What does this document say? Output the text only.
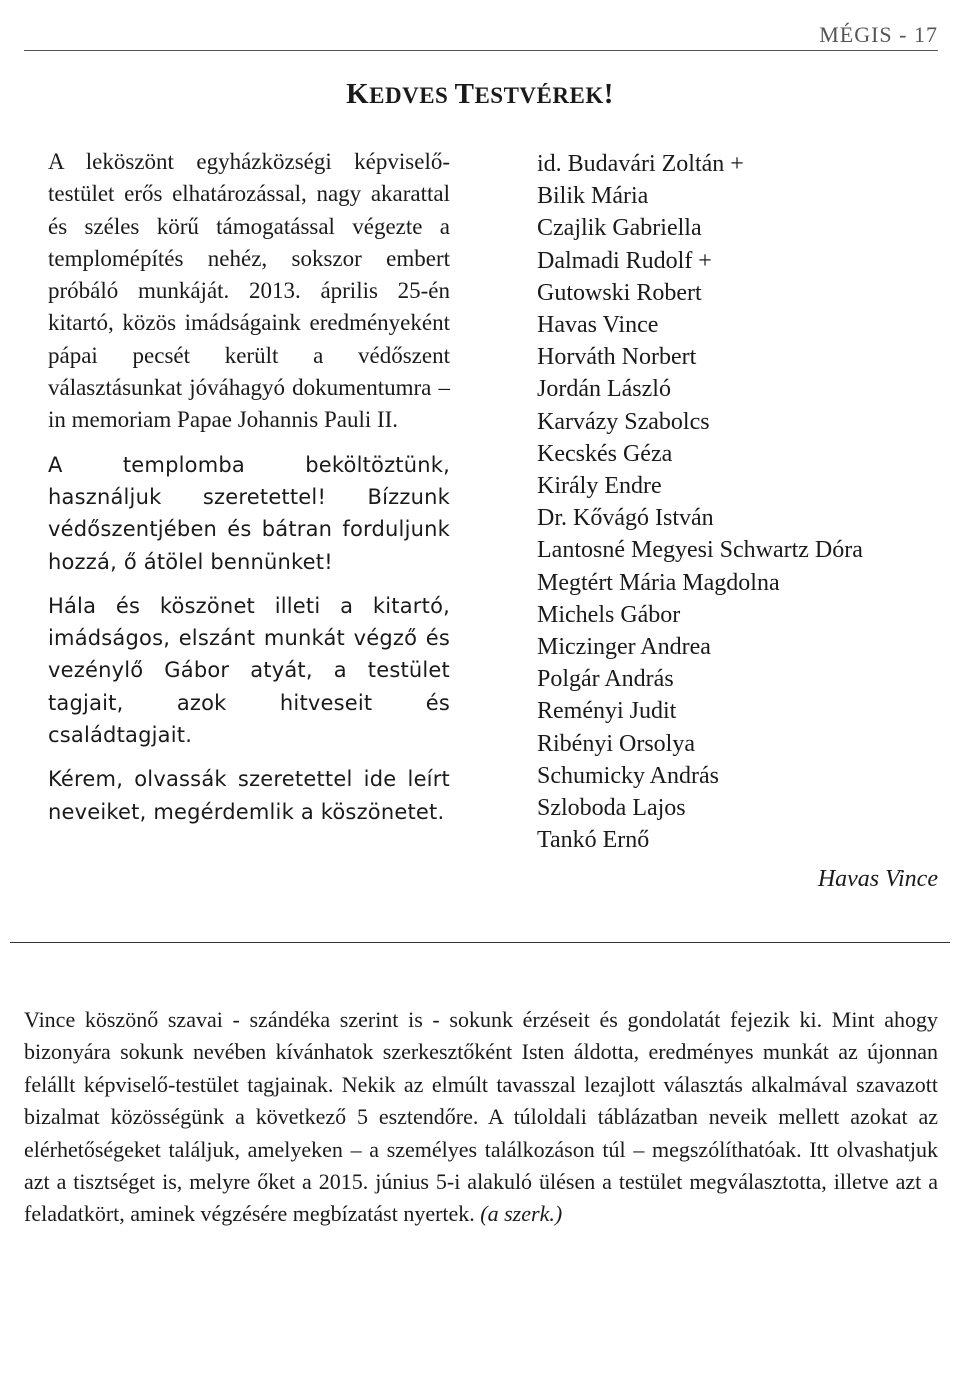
MÉGIS - 17
KEDVES TESTVÉREK!

A leköszönt egyházközségi képviselő-testület erős elhatározással, nagy akarattal és széles körű támogatással végezte a templomépítés nehéz, sokszor embert próbáló munkáját. 2013. április 25-én kitartó, közös imádságaink eredményeként pápai pecsét került a védőszent választásunkat jóváhagyó dokumentumra – in memoriam Papae Johannis Pauli II.

A templomba beköltöztünk, használjuk szeretettel! Bízzunk védőszentjében és bátran forduljunk hozzá, ő átölel bennünket!

Hála és köszönet illeti a kitartó, imádságos, elszánt munkát végző és vezénylő Gábor atyát, a testület tagjait, azok hitveseit és családtagjait.

Kérem, olvassák szeretettel ide leírt neveiket, megérdemlik a köszönetet.

id. Budavári Zoltán +
Bilik Mária
Czajlik Gabriella
Dalmadi Rudolf +
Gutowski Robert
Havas Vince
Horváth Norbert
Jordán László
Karvázy Szabolcs
Kecskés Géza
Király Endre
Dr. Kővágó István
Lantosné Megyesi Schwartz Dóra
Megtért Mária Magdolna
Michels Gábor
Miczinger Andrea
Polgár András
Reményi Judit
Ribényi Orsolya
Schumicky András
Szloboda Lajos
Tankó Ernő
Havas Vince
Vince köszönő szavai - szándéka szerint is - sokunk érzéseit és gondolatát fejezik ki. Mint ahogy bizonyára sokunk nevében kívánhatok szerkesztőként Isten áldotta, eredményes munkát az újonnan felállt képviselő-testület tagjainak. Nekik az elmúlt tavasszal lezajlott választás alkalmával szavazott bizalmat közösségünk a következő 5 esztendőre. A túloldali táblázatban neveik mellett azokat az elérhetőségeket találjuk, amelyeken – a személyes találkozáson túl – megszólíthatóak. Itt olvashatjuk azt a tisztséget is, melyre őket a 2015. június 5-i alakuló ülésen a testület megválasztotta, illetve azt a feladatkört, aminek végzésére megbízatást nyertek. (a szerk.)
